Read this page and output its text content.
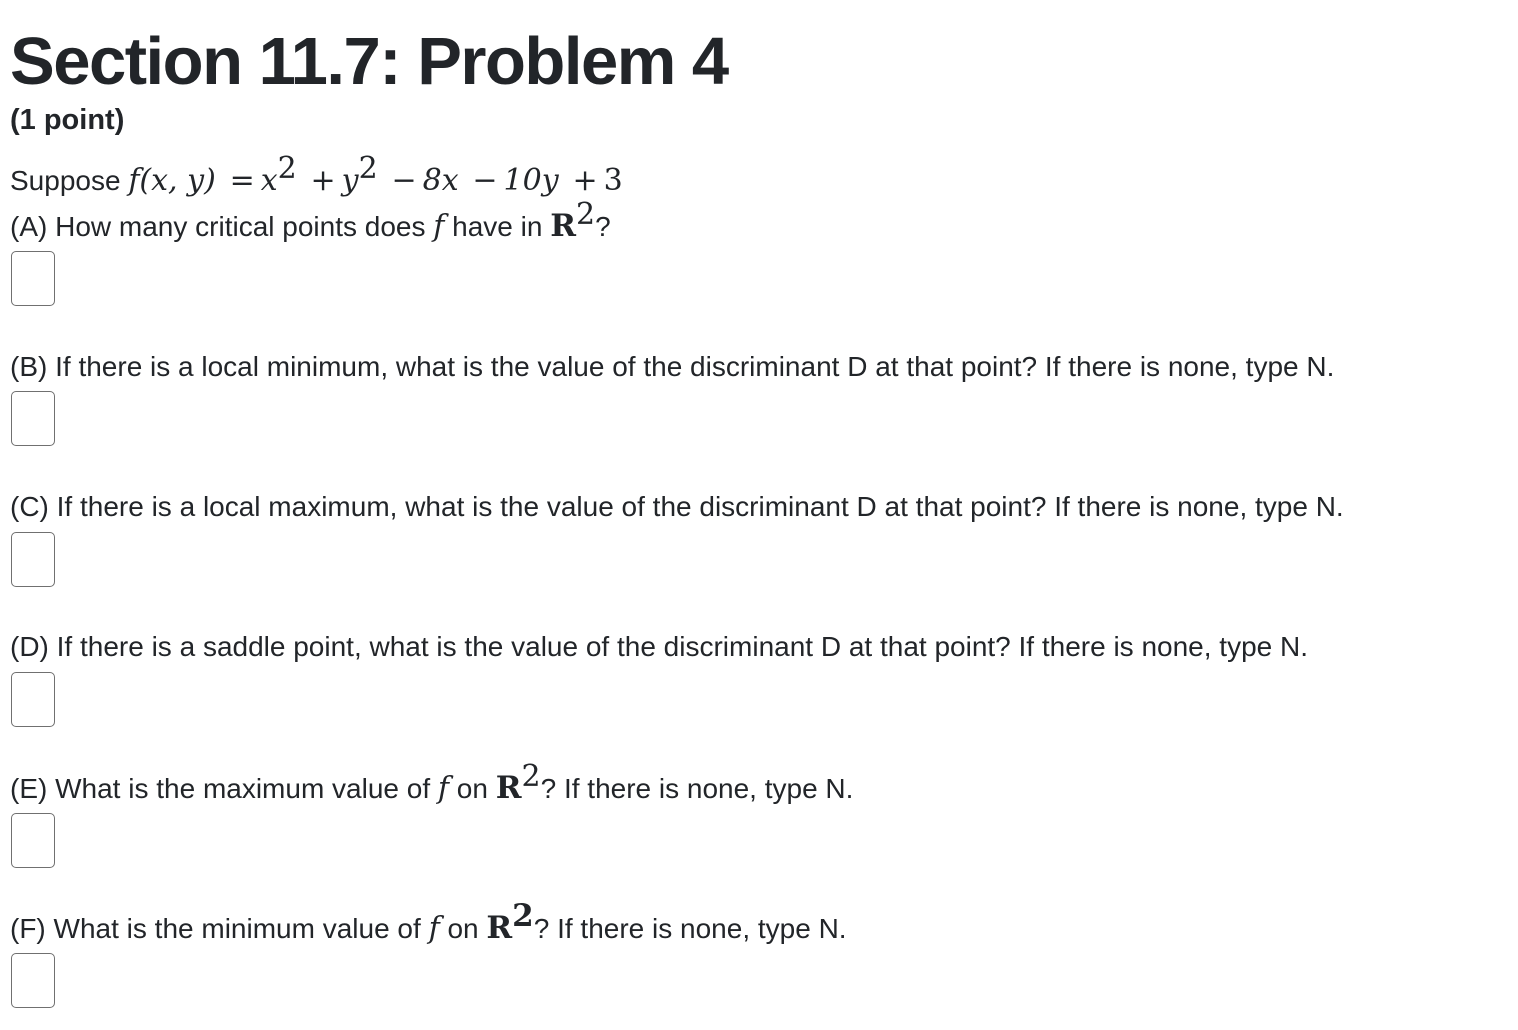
Section 11.7: Problem 4
(1 point)
Suppose f(x, $y) = x^2 + y^2 - 8x - 10y + 3$
(A) How many critical points does f have in $R^2$?
(B) If there is a local minimum, what is the value of the discriminant D at that point? If there is none, type N.
(C) If there is a local maximum, what is the value of the discriminant D at that point? If there is none, type N.
(D) If there is a saddle point, what is the value of the discriminant D at that point? If there is none, type N.
(E) What is the maximum value of f on $R^2$? If there is none, type N.
(F) What is the minimum value of f on $R^2$? If there is none, type N.
